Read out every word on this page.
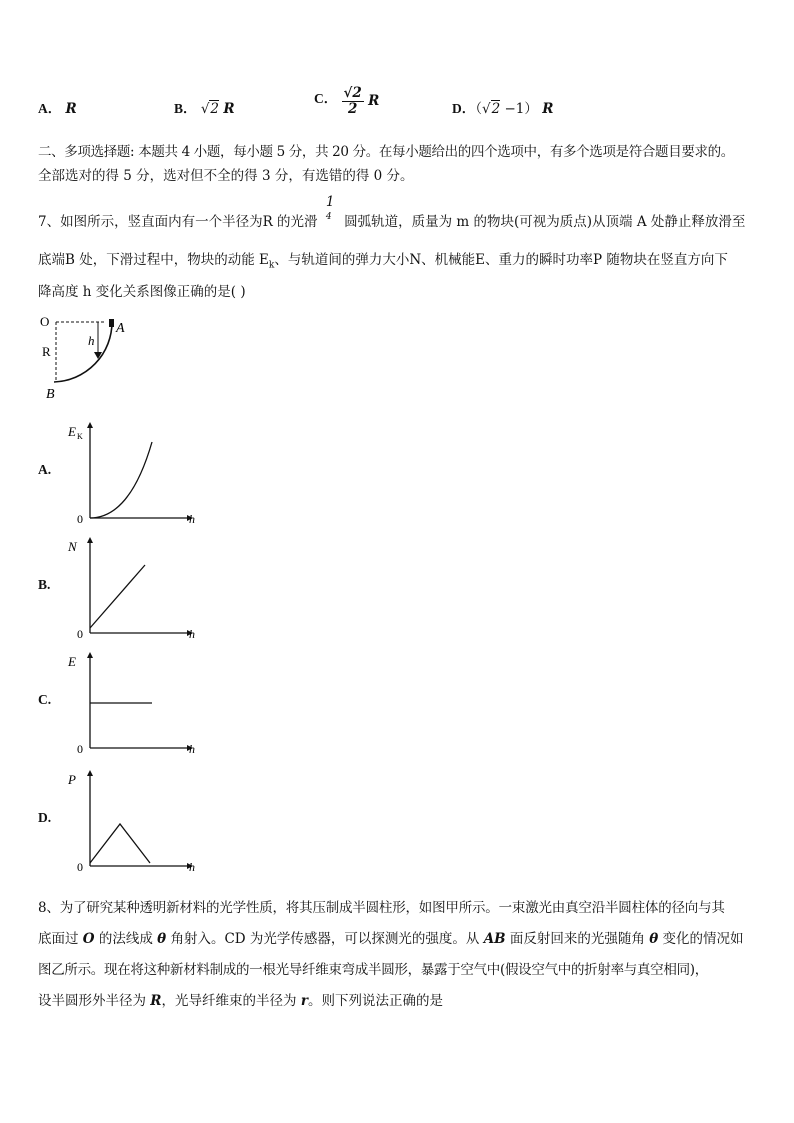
A． R	B． √2 R
C． $\frac{√2}{2}$ R	D．（√2 −1） R
二、多项选择题: 本题共 4 小题，每小题 5 分，共 20 分。在每小题给出的四个选项中，有多个选项是符合题目要求的。
全部选对的得 5 分，选对但不全的得 3 分，有选错的得 0 分。
7、如图所示，竖直面内有一个半径为R 的光滑
1
4 圆弧轨道，质量为 m 的物块(可视为质点)从顶端 A 处静止释放滑至
底端B 处，下滑过程中，物块的动能 $E_k$、与轨道间的弹力大小N、机械能E、重力的瞬时功率P 随物块在竖直方向下
降高度 h 变化关系图像正确的是( )
O
R
h
A
B
A.
E K
0	h
B.
N
0	h
C.
E
0	h
D.
P
0	h
8、为了研究某种透明新材料的光学性质，将其压制成半圆柱形，如图甲所示。一束激光由真空沿半圆柱体的径向与其
底面过 O 的法线成 θ 角射入。CD 为光学传感器，可以探测光的强度。从 AB 面反射回来的光强随角 θ 变化的情况如
图乙所示。现在将这种新材料制成的一根光导纤维束弯成半圆形，暴露于空气中(假设空气中的折射率与真空相同)，
设半圆形外半径为 R，光导纤维束的半径为 r。则下列说法正确的是
